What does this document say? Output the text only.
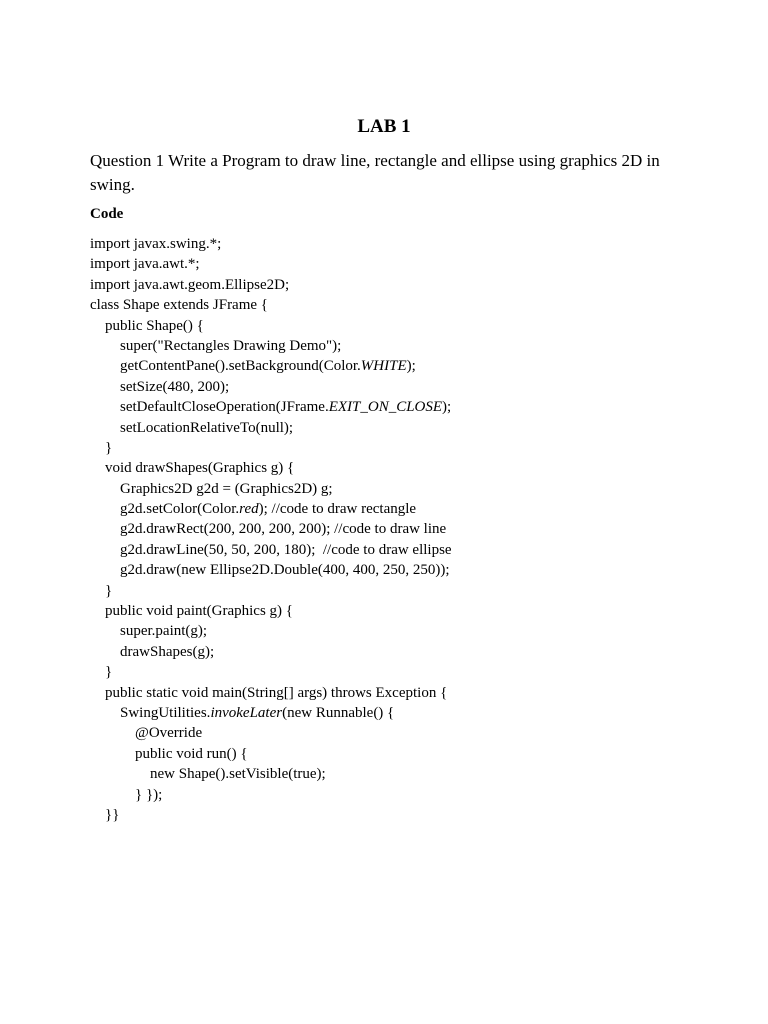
LAB 1
Question 1 Write a Program to draw line, rectangle and ellipse using graphics 2D in swing.
Code
import javax.swing.*;
import java.awt.*;
import java.awt.geom.Ellipse2D;
class Shape extends JFrame {
public Shape() {
super("Rectangles Drawing Demo");
getContentPane().setBackground(Color.WHITE);
setSize(480, 200);
setDefaultCloseOperation(JFrame.EXIT_ON_CLOSE);
setLocationRelativeTo(null);
}
void drawShapes(Graphics g) {
Graphics2D g2d = (Graphics2D) g;
g2d.setColor(Color.red); //code to draw rectangle
g2d.drawRect(200, 200, 200, 200); //code to draw line
g2d.drawLine(50, 50, 200, 180);  //code to draw ellipse
g2d.draw(new Ellipse2D.Double(400, 400, 250, 250));
}
public void paint(Graphics g) {
super.paint(g);
drawShapes(g);
}
public static void main(String[] args) throws Exception {
SwingUtilities.invokeLater(new Runnable() {
@Override
public void run() {
new Shape().setVisible(true);
} });
}}
